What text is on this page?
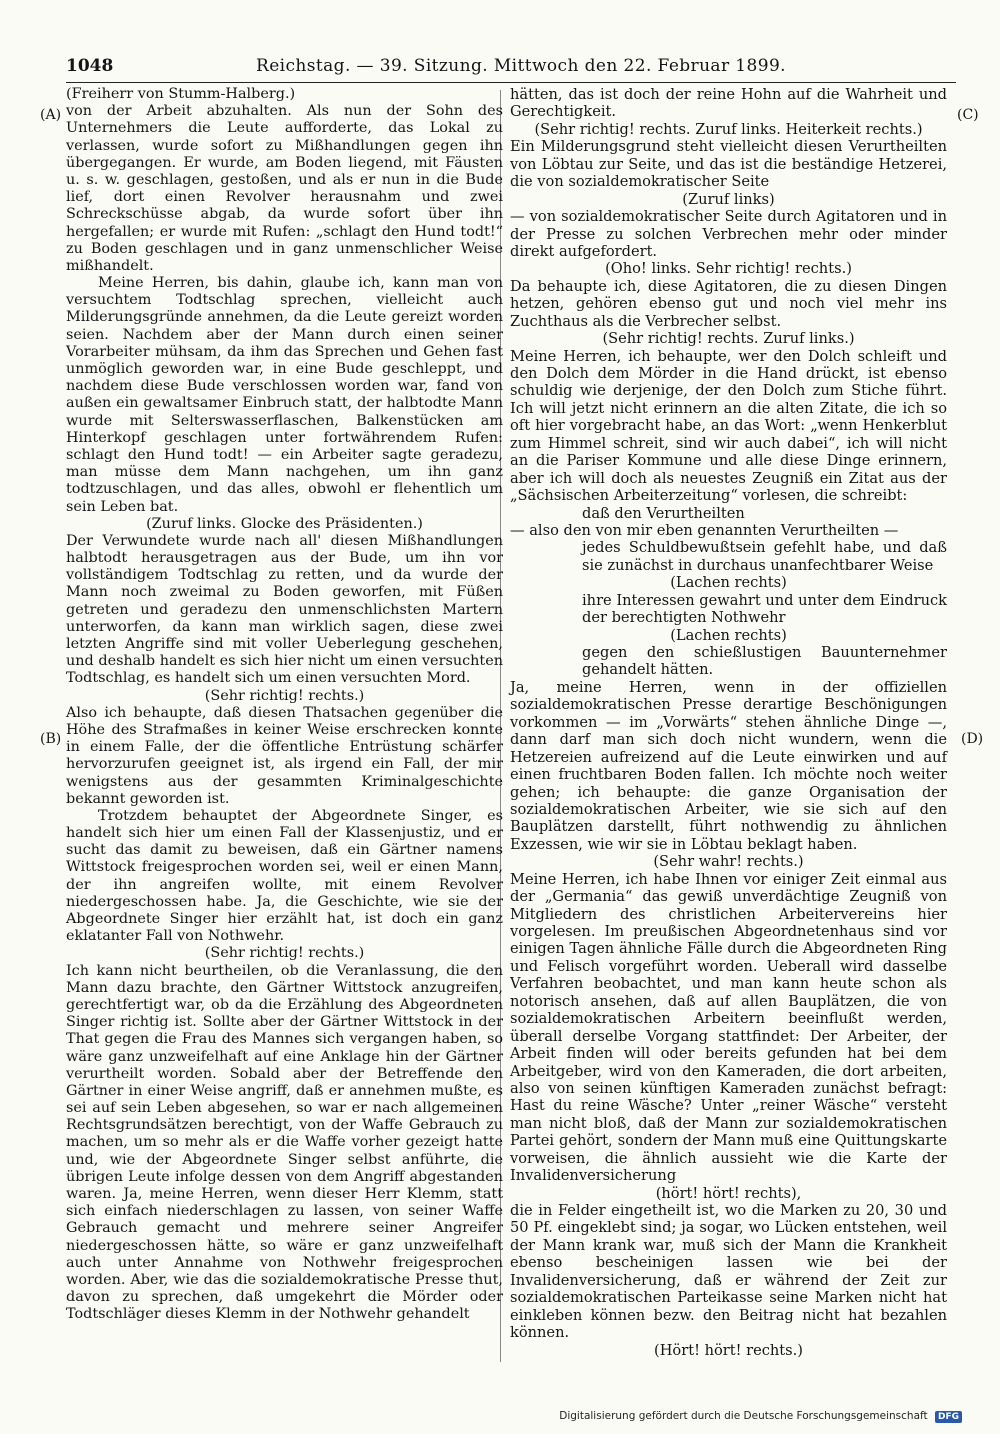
1048	Reichstag. — 39. Sitzung. Mittwoch den 22. Februar 1899.
(A)
(B)
(C)
(D)

(Freiherr von Stumm-Halberg.)

von der Arbeit abzuhalten. Als nun der Sohn des Unternehmers die Leute aufforderte, das Lokal zu verlassen, wurde sofort zu Mißhandlungen gegen ihn übergegangen. Er wurde, am Boden liegend, mit Fäusten u. s. w. geschlagen, gestoßen, und als er nun in die Bude lief, dort einen Revolver herausnahm und zwei Schreckschüsse abgab, da wurde sofort über ihn hergefallen; er wurde mit Rufen: „schlagt den Hund todt!“ zu Boden geschlagen und in ganz unmenschlicher Weise mißhandelt.

Meine Herren, bis dahin, glaube ich, kann man von versuchtem Todtschlag sprechen, vielleicht auch Milderungsgründe annehmen, da die Leute gereizt worden seien. Nachdem aber der Mann durch einen seiner Vorarbeiter mühsam, da ihm das Sprechen und Gehen fast unmöglich geworden war, in eine Bude geschleppt, und nachdem diese Bude verschlossen worden war, fand von außen ein gewaltsamer Einbruch statt, der halbtodte Mann wurde mit Selterswasserflaschen, Balkenstücken am Hinterkopf geschlagen unter fortwährendem Rufen: schlagt den Hund todt! — ein Arbeiter sagte geradezu, man müsse dem Mann nachgehen, um ihn ganz todtzuschlagen, und das alles, obwohl er flehentlich um sein Leben bat.

(Zuruf links. Glocke des Präsidenten.)

Der Verwundete wurde nach all' diesen Mißhandlungen halbtodt herausgetragen aus der Bude, um ihn vor vollständigem Todtschlag zu retten, und da wurde der Mann noch zweimal zu Boden geworfen, mit Füßen getreten und geradezu den unmenschlichsten Martern unterworfen, da kann man wirklich sagen, diese zwei letzten Angriffe sind mit voller Ueberlegung geschehen, und deshalb handelt es sich hier nicht um einen versuchten Todtschlag, es handelt sich um einen versuchten Mord.

(Sehr richtig! rechts.)

Also ich behaupte, daß diesen Thatsachen gegenüber die Höhe des Strafmaßes in keiner Weise erschrecken konnte in einem Falle, der die öffentliche Entrüstung schärfer hervorzurufen geeignet ist, als irgend ein Fall, der mir wenigstens aus der gesammten Kriminalgeschichte bekannt geworden ist.

Trotzdem behauptet der Abgeordnete Singer, es handelt sich hier um einen Fall der Klassenjustiz, und er sucht das damit zu beweisen, daß ein Gärtner namens Wittstock freigesprochen worden sei, weil er einen Mann, der ihn angreifen wollte, mit einem Revolver niedergeschossen habe. Ja, die Geschichte, wie sie der Abgeordnete Singer hier erzählt hat, ist doch ein ganz eklatanter Fall von Nothwehr.

(Sehr richtig! rechts.)

Ich kann nicht beurtheilen, ob die Veranlassung, die den Mann dazu brachte, den Gärtner Wittstock anzugreifen, gerechtfertigt war, ob da die Erzählung des Abgeordneten Singer richtig ist. Sollte aber der Gärtner Wittstock in der That gegen die Frau des Mannes sich vergangen haben, so wäre ganz unzweifelhaft auf eine Anklage hin der Gärtner verurtheilt worden. Sobald aber der Betreffende den Gärtner in einer Weise angriff, daß er annehmen mußte, es sei auf sein Leben abgesehen, so war er nach allgemeinen Rechtsgrundsätzen berechtigt, von der Waffe Gebrauch zu machen, um so mehr als er die Waffe vorher gezeigt hatte und, wie der Abgeordnete Singer selbst anführte, die übrigen Leute infolge dessen von dem Angriff abgestanden waren. Ja, meine Herren, wenn dieser Herr Klemm, statt sich einfach niederschlagen zu lassen, von seiner Waffe Gebrauch gemacht und mehrere seiner Angreifer niedergeschossen hätte, so wäre er ganz unzweifelhaft auch unter Annahme von Nothwehr freigesprochen worden. Aber, wie das die sozialdemokratische Presse thut, davon zu sprechen, daß umgekehrt die Mörder oder Todtschläger dieses Klemm in der Nothwehr gehandelt

hätten, das ist doch der reine Hohn auf die Wahrheit und Gerechtigkeit.

(Sehr richtig! rechts. Zuruf links. Heiterkeit rechts.)

Ein Milderungsgrund steht vielleicht diesen Verurtheilten von Löbtau zur Seite, und das ist die beständige Hetzerei, die von sozialdemokratischer Seite

(Zuruf links)

— von sozialdemokratischer Seite durch Agitatoren und in der Presse zu solchen Verbrechen mehr oder minder direkt aufgefordert.

(Oho! links. Sehr richtig! rechts.)

Da behaupte ich, diese Agitatoren, die zu diesen Dingen hetzen, gehören ebenso gut und noch viel mehr ins Zuchthaus als die Verbrecher selbst.

(Sehr richtig! rechts. Zuruf links.)

Meine Herren, ich behaupte, wer den Dolch schleift und den Dolch dem Mörder in die Hand drückt, ist ebenso schuldig wie derjenige, der den Dolch zum Stiche führt. Ich will jetzt nicht erinnern an die alten Zitate, die ich so oft hier vorgebracht habe, an das Wort: „wenn Henkerblut zum Himmel schreit, sind wir auch dabei“, ich will nicht an die Pariser Kommune und alle diese Dinge erinnern, aber ich will doch als neuestes Zeugniß ein Zitat aus der „Sächsischen Arbeiterzeitung“ vorlesen, die schreibt:

daß den Verurtheilten

— also den von mir eben genannten Verurtheilten —

jedes Schuldbewußtsein gefehlt habe, und daß sie zunächst in durchaus unanfechtbarer Weise

(Lachen rechts)

ihre Interessen gewahrt und unter dem Eindruck der berechtigten Nothwehr

(Lachen rechts)

gegen den schießlustigen Bauunternehmer gehandelt hätten.

Ja, meine Herren, wenn in der offiziellen sozialdemokratischen Presse derartige Beschönigungen vorkommen — im „Vorwärts“ stehen ähnliche Dinge —, dann darf man sich doch nicht wundern, wenn die Hetzereien aufreizend auf die Leute einwirken und auf einen fruchtbaren Boden fallen. Ich möchte noch weiter gehen; ich behaupte: die ganze Organisation der sozialdemokratischen Arbeiter, wie sie sich auf den Bauplätzen darstellt, führt nothwendig zu ähnlichen Exzessen, wie wir sie in Löbtau beklagt haben.

(Sehr wahr! rechts.)

Meine Herren, ich habe Ihnen vor einiger Zeit einmal aus der „Germania“ das gewiß unverdächtige Zeugniß von Mitgliedern des christlichen Arbeitervereins hier vorgelesen. Im preußischen Abgeordnetenhaus sind vor einigen Tagen ähnliche Fälle durch die Abgeordneten Ring und Felisch vorgeführt worden. Ueberall wird dasselbe Verfahren beobachtet, und man kann heute schon als notorisch ansehen, daß auf allen Bauplätzen, die von sozialdemokratischen Arbeitern beeinflußt werden, überall derselbe Vorgang stattfindet: Der Arbeiter, der Arbeit finden will oder bereits gefunden hat bei dem Arbeitgeber, wird von den Kameraden, die dort arbeiten, also von seinen künftigen Kameraden zunächst befragt: Hast du reine Wäsche? Unter „reiner Wäsche“ versteht man nicht bloß, daß der Mann zur sozialdemokratischen Partei gehört, sondern der Mann muß eine Quittungskarte vorweisen, die ähnlich aussieht wie die Karte der Invalidenversicherung

(hört! hört! rechts),

die in Felder eingetheilt ist, wo die Marken zu 20, 30 und 50 Pf. eingeklebt sind; ja sogar, wo Lücken entstehen, weil der Mann krank war, muß sich der Mann die Krankheit ebenso bescheinigen lassen wie bei der Invalidenversicherung, daß er während der Zeit zur sozialdemokratischen Parteikasse seine Marken nicht hat einkleben können bezw. den Beitrag nicht hat bezahlen können.

(Hört! hört! rechts.)

Digitalisierung gefördert durch die Deutsche Forschungsgemeinschaft DFG
